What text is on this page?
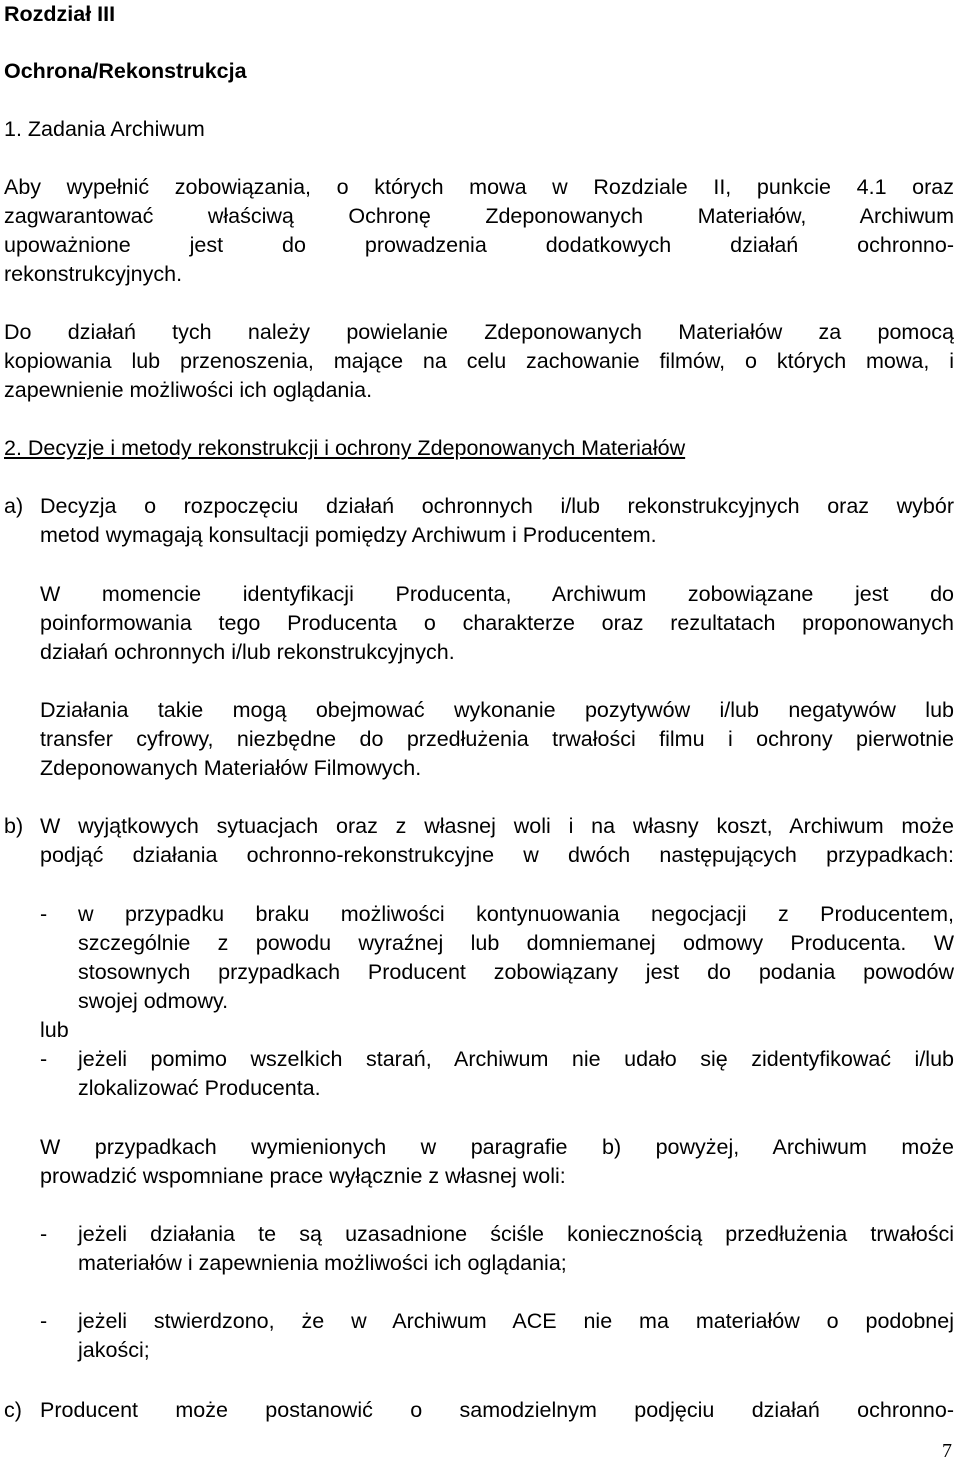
Rozdział III
Ochrona/Rekonstrukcja
1. Zadania Archiwum
Aby wypełnić zobowiązania, o których mowa w Rozdziale II, punkcie 4.1 oraz
zagwarantować właściwą Ochronę Zdeponowanych Materiałów, Archiwum
upoważnione jest do prowadzenia dodatkowych działań ochronno-
rekonstrukcyjnych.
Do działań tych należy powielanie Zdeponowanych Materiałów za pomocą
kopiowania lub przenoszenia, mające na celu zachowanie filmów, o których mowa, i
zapewnienie możliwości ich oglądania.
2. Decyzje i metody rekonstrukcji i ochrony Zdeponowanych Materiałów
a) Decyzja o rozpoczęciu działań ochronnych i/lub rekonstrukcyjnych oraz wybór
metod wymagają konsultacji pomiędzy Archiwum i Producentem.
W momencie identyfikacji Producenta, Archiwum zobowiązane jest do
poinformowania tego Producenta o charakterze oraz rezultatach proponowanych
działań ochronnych i/lub rekonstrukcyjnych.
Działania takie mogą obejmować wykonanie pozytywów i/lub negatywów lub
transfer cyfrowy, niezbędne do przedłużenia trwałości filmu i ochrony pierwotnie
Zdeponowanych Materiałów Filmowych.
b) W wyjątkowych sytuacjach oraz z własnej woli i na własny koszt, Archiwum może
podjąć działania ochronno-rekonstrukcyjne w dwóch następujących przypadkach:
- w przypadku braku możliwości kontynuowania negocjacji z Producentem,
szczególnie z powodu wyraźnej lub domniemanej odmowy Producenta. W
stosownych przypadkach Producent zobowiązany jest do podania powodów
swojej odmowy.
lub
- jeżeli pomimo wszelkich starań, Archiwum nie udało się zidentyfikować i/lub
zlokalizować Producenta.
W przypadkach wymienionych w paragrafie b) powyżej, Archiwum może
prowadzić wspomniane prace wyłącznie z własnej woli:
- jeżeli działania te są uzasadnione ściśle koniecznością przedłużenia trwałości
materiałów i zapewnienia możliwości ich oglądania;
- jeżeli stwierdzono, że w Archiwum ACE nie ma materiałów o podobnej
jakości;
c) Producent może postanowić o samodzielnym podjęciu działań ochronno-
7
